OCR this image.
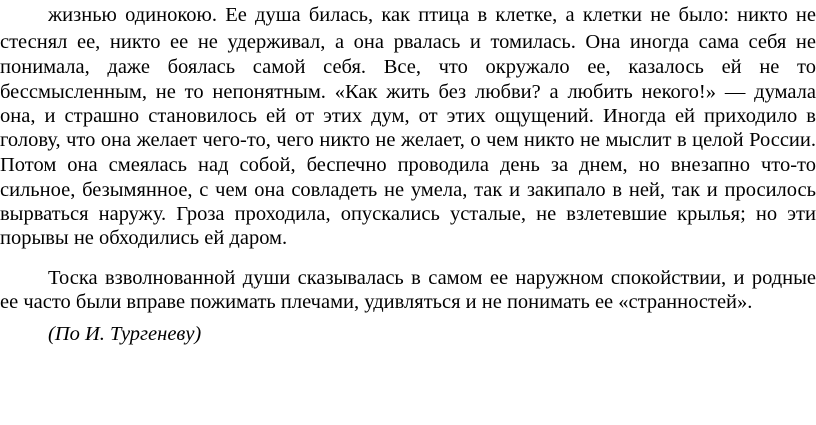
жизнью одинокою. Ее душа билась, как птица в клетке, а клетки не было: никто не
стеснял ее, никто ее не удерживал, а она рвалась и томилась. Она иногда сама себя не
понимала, даже боялась самой себя. Все, что окружало ее, казалось ей не то
бессмысленным, не то непонятным. «Как жить без любви? а любить некого!» — думала
она, и страшно становилось ей от этих дум, от этих ощущений. Иногда ей приходило в
голову, что она желает чего-то, чего никто не желает, о чем никто не мыслит в целой России.
Потом она смеялась над собой, беспечно проводила день за днем, но внезапно что-то
сильное, безымянное, с чем она совладеть не умела, так и закипало в ней, так и просилось
вырваться наружу. Гроза проходила, опускались усталые, не взлетевшие крылья; но эти
порывы не обходились ей даром.
Тоска взволнованной души сказывалась в самом ее наружном спокойствии, и родные
ее часто были вправе пожимать плечами, удивляться и не понимать ее «странностей».
(По И. Тургеневу)
